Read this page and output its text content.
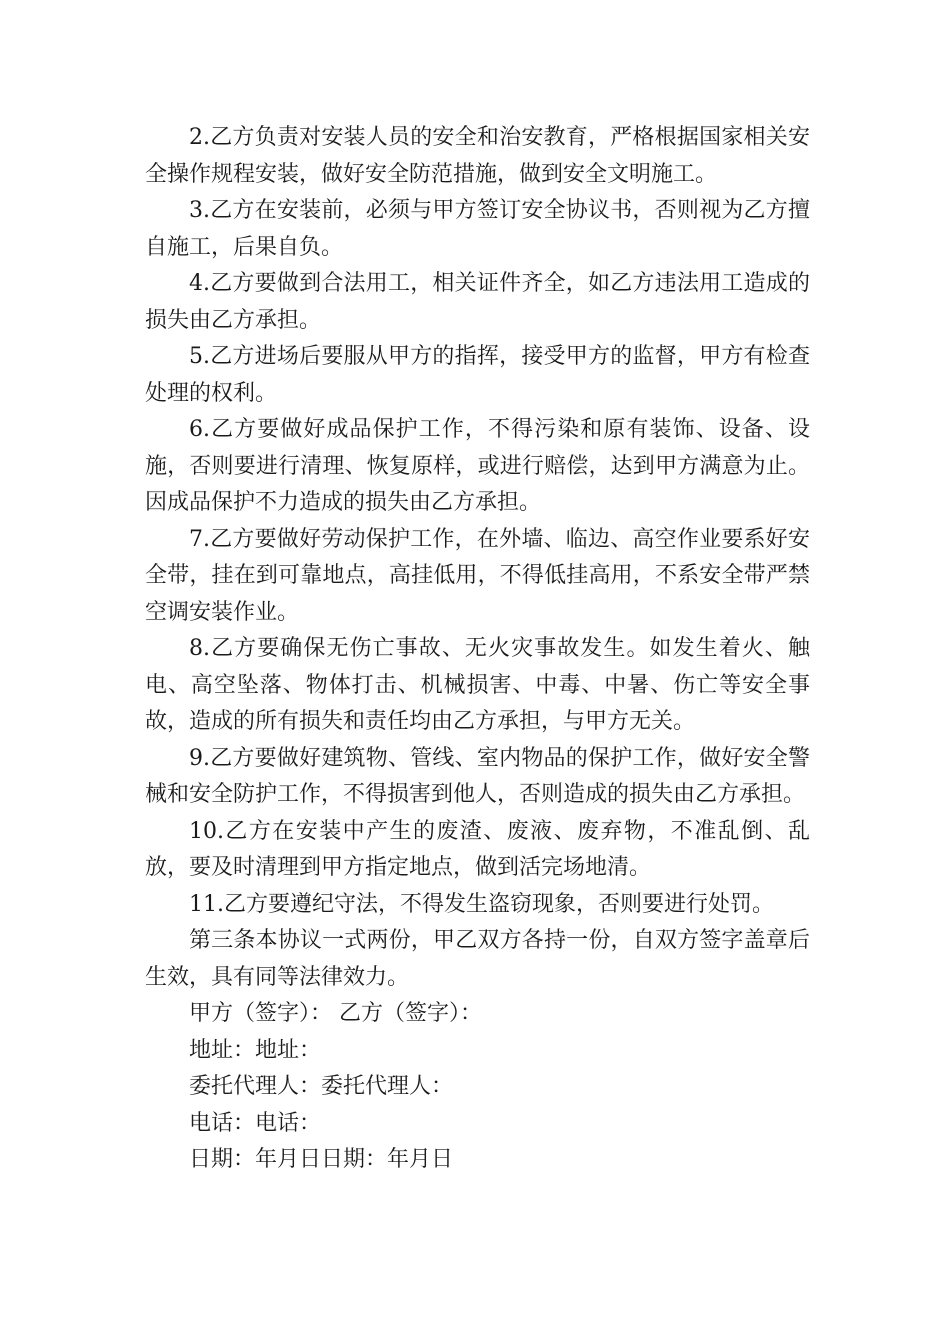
2.乙方负责对安装人员的安全和治安教育，严格根据国家相关安全操作规程安装，做好安全防范措施，做到安全文明施工。

3.乙方在安装前，必须与甲方签订安全协议书，否则视为乙方擅自施工，后果自负。

4.乙方要做到合法用工，相关证件齐全，如乙方违法用工造成的损失由乙方承担。

5.乙方进场后要服从甲方的指挥，接受甲方的监督，甲方有检查处理的权利。

6.乙方要做好成品保护工作，不得污染和原有装饰、设备、设施，否则要进行清理、恢复原样，或进行赔偿，达到甲方满意为止。因成品保护不力造成的损失由乙方承担。

7.乙方要做好劳动保护工作，在外墙、临边、高空作业要系好安全带，挂在到可靠地点，高挂低用，不得低挂高用，不系安全带严禁空调安装作业。

8.乙方要确保无伤亡事故、无火灾事故发生。如发生着火、触电、高空坠落、物体打击、机械损害、中毒、中暑、伤亡等安全事故，造成的所有损失和责任均由乙方承担，与甲方无关。

9.乙方要做好建筑物、管线、室内物品的保护工作，做好安全警械和安全防护工作，不得损害到他人，否则造成的损失由乙方承担。

10.乙方在安装中产生的废渣、废液、废弃物，不准乱倒、乱放，要及时清理到甲方指定地点，做到活完场地清。

11.乙方要遵纪守法，不得发生盗窃现象，否则要进行处罚。

第三条本协议一式两份，甲乙双方各持一份，自双方签字盖章后生效，具有同等法律效力。

甲方（签字）： 乙方（签字）：

地址：地址：

委托代理人：委托代理人：

电话：电话：

日期：年月日日期：年月日
